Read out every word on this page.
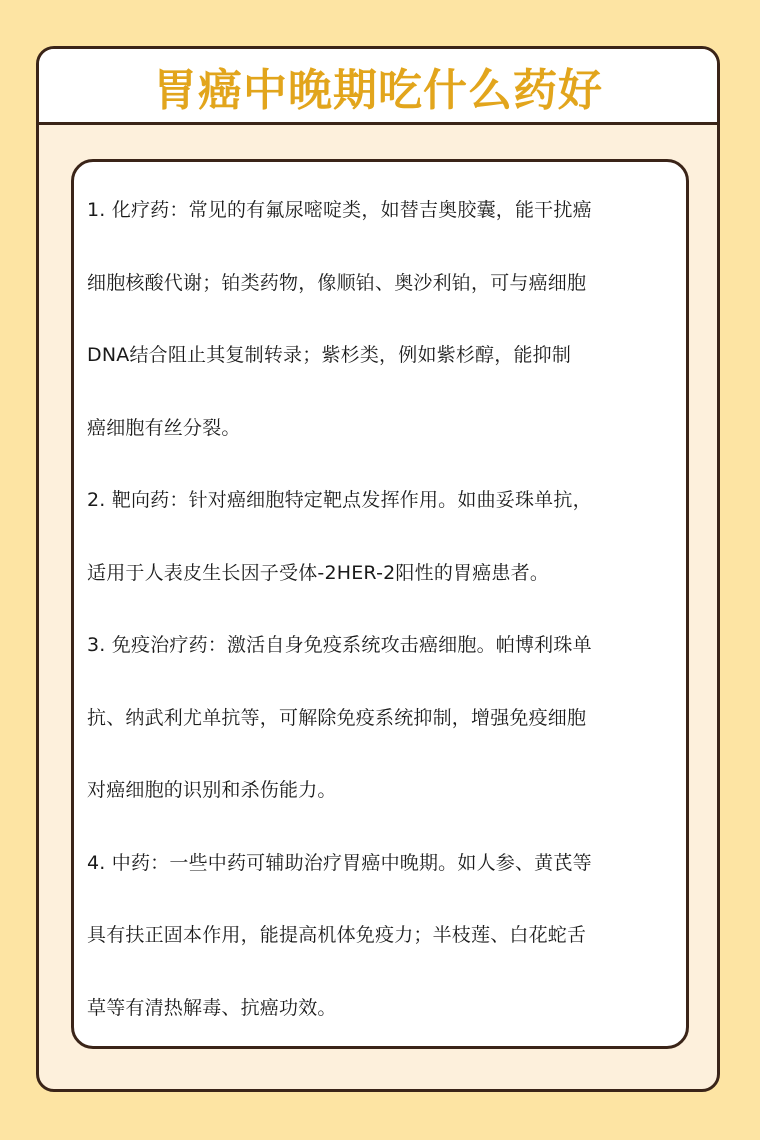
胃癌中晚期吃什么药好

1. 化疗药：常见的有氟尿嘧啶类，如替吉奥胶囊，能干扰癌
细胞核酸代谢；铂类药物，像顺铂、奥沙利铂，可与癌细胞
DNA结合阻止其复制转录；紫杉类，例如紫杉醇，能抑制
癌细胞有丝分裂。

2. 靶向药：针对癌细胞特定靶点发挥作用。如曲妥珠单抗，
适用于人表皮生长因子受体-2HER-2阳性的胃癌患者。

3. 免疫治疗药：激活自身免疫系统攻击癌细胞。帕博利珠单
抗、纳武利尤单抗等，可解除免疫系统抑制，增强免疫细胞
对癌细胞的识别和杀伤能力。

4. 中药：一些中药可辅助治疗胃癌中晚期。如人参、黄芪等
具有扶正固本作用，能提高机体免疫力；半枝莲、白花蛇舌
草等有清热解毒、抗癌功效。
